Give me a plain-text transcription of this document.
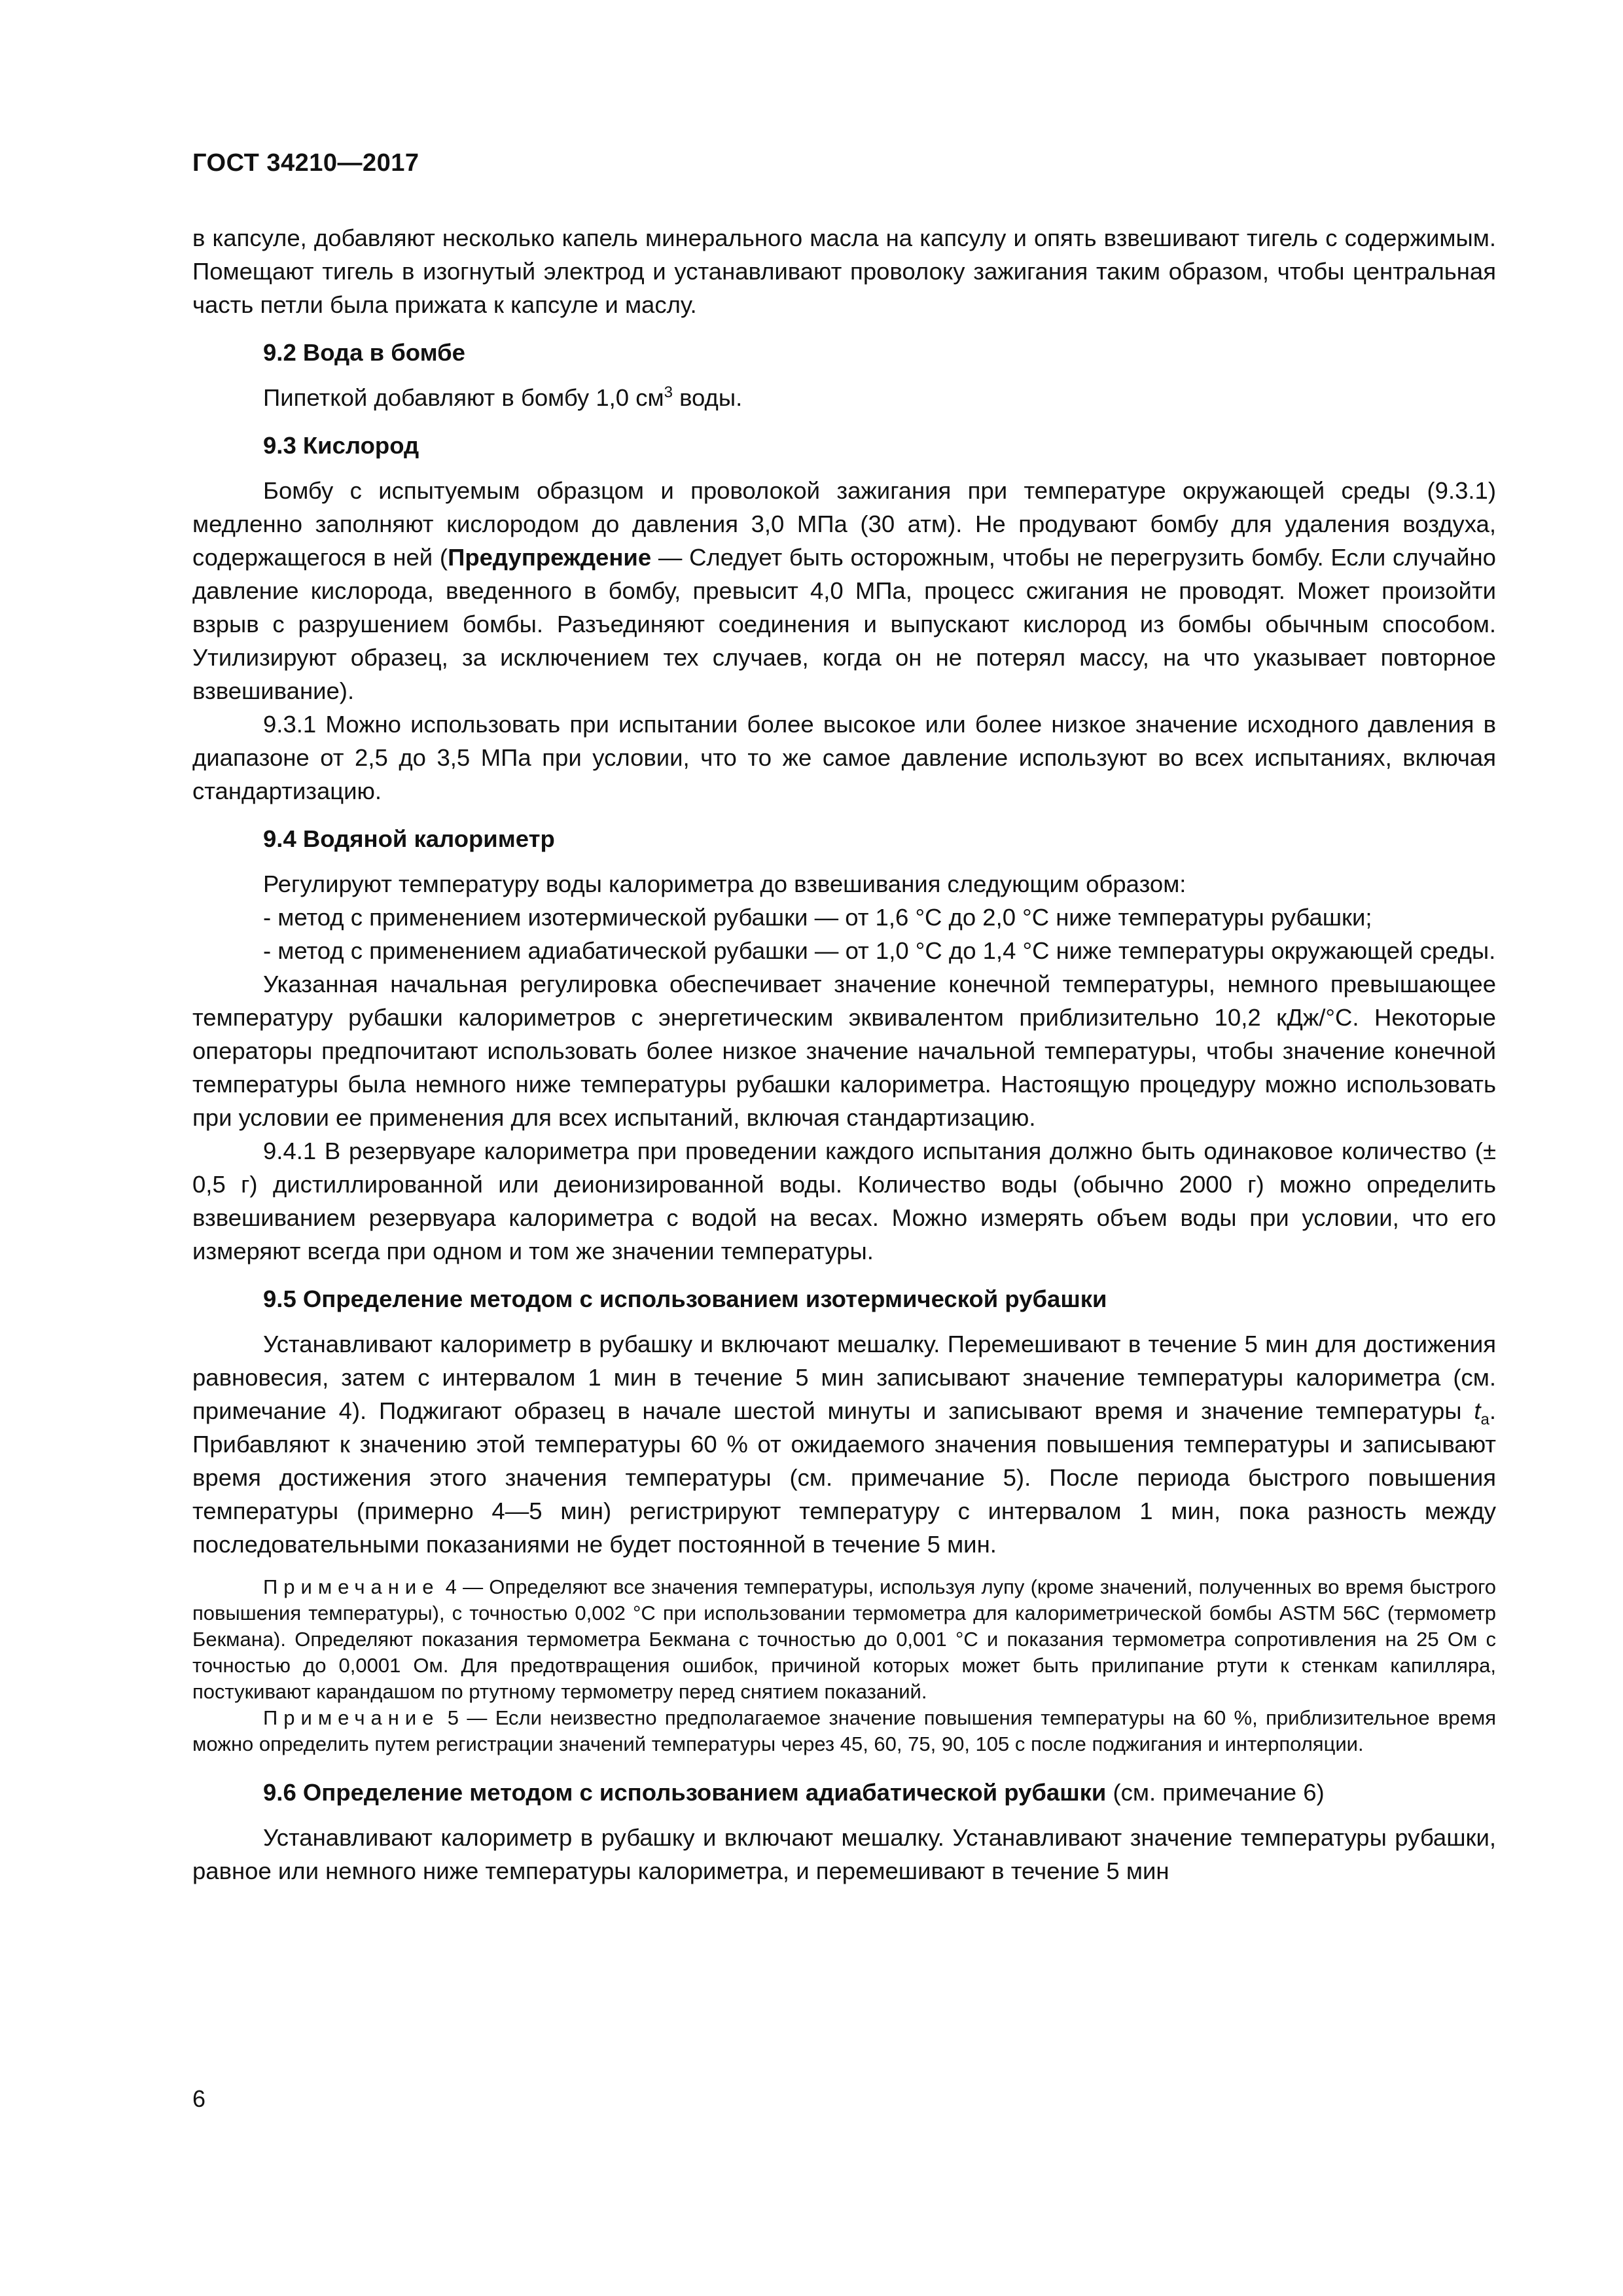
ГОСТ 34210—2017

в капсуле, добавляют несколько капель минерального масла на капсулу и опять взвешивают тигель с содержимым. Помещают тигель в изогнутый электрод и устанавливают проволоку зажигания таким образом, чтобы центральная часть петли была прижата к капсуле и маслу.

9.2 Вода в бомбе

Пипеткой добавляют в бомбу 1,0 $см^3$ воды.

9.3 Кислород

Бомбу с испытуемым образцом и проволокой зажигания при температуре окружающей среды (9.3.1) медленно заполняют кислородом до давления 3,0 МПа (30 атм). Не продувают бомбу для удаления воздуха, содержащегося в ней (Предупреждение — Следует быть осторожным, чтобы не перегрузить бомбу. Если случайно давление кислорода, введенного в бомбу, превысит 4,0 МПа, процесс сжигания не проводят. Может произойти взрыв с разрушением бомбы. Разъединяют соединения и выпускают кислород из бомбы обычным способом. Утилизируют образец, за исключением тех случаев, когда он не потерял массу, на что указывает повторное взвешивание).

9.3.1 Можно использовать при испытании более высокое или более низкое значение исходного давления в диапазоне от 2,5 до 3,5 МПа при условии, что то же самое давление используют во всех испытаниях, включая стандартизацию.

9.4 Водяной калориметр

Регулируют температуру воды калориметра до взвешивания следующим образом:

- метод с применением изотермической рубашки — от 1,6 °С до 2,0 °С ниже температуры рубашки;

- метод с применением адиабатической рубашки — от 1,0 °С до 1,4 °С ниже температуры окружающей среды.

Указанная начальная регулировка обеспечивает значение конечной температуры, немного превышающее температуру рубашки калориметров с энергетическим эквивалентом приблизительно 10,2 кДж/°С. Некоторые операторы предпочитают использовать более низкое значение начальной температуры, чтобы значение конечной температуры была немного ниже температуры рубашки калориметра. Настоящую процедуру можно использовать при условии ее применения для всех испытаний, включая стандартизацию.

9.4.1 В резервуаре калориметра при проведении каждого испытания должно быть одинаковое количество (± 0,5 г) дистиллированной или деионизированной воды. Количество воды (обычно 2000 г) можно определить взвешиванием резервуара калориметра с водой на весах. Можно измерять объем воды при условии, что его измеряют всегда при одном и том же значении температуры.

9.5 Определение методом с использованием изотермической рубашки

Устанавливают калориметр в рубашку и включают мешалку. Перемешивают в течение 5 мин для достижения равновесия, затем с интервалом 1 мин в течение 5 мин записывают значение температуры калориметра (см. примечание 4). Поджигают образец в начале шестой минуты и записывают время и значение температуры $t_a$. Прибавляют к значению этой температуры 60 % от ожидаемого значения повышения температуры и записывают время достижения этого значения температуры (см. примечание 5). После периода быстрого повышения температуры (примерно 4—5 мин) регистрируют температуру с интервалом 1 мин, пока разность между последовательными показаниями не будет постоянной в течение 5 мин.

Примечание 4 — Определяют все значения температуры, используя лупу (кроме значений, полученных во время быстрого повышения температуры), с точностью 0,002 °С при использовании термометра для калориметрической бомбы ASTM 56С (термометр Бекмана). Определяют показания термометра Бекмана с точностью до 0,001 °С и показания термометра сопротивления на 25 Ом с точностью до 0,0001 Ом. Для предотвращения ошибок, причиной которых может быть прилипание ртути к стенкам капилляра, постукивают карандашом по ртутному термометру перед снятием показаний.

Примечание 5 — Если неизвестно предполагаемое значение повышения температуры на 60 %, приблизительное время можно определить путем регистрации значений температуры через 45, 60, 75, 90, 105 с после поджигания и интерполяции.

9.6 Определение методом с использованием адиабатической рубашки (см. примечание 6)

Устанавливают калориметр в рубашку и включают мешалку. Устанавливают значение температуры рубашки, равное или немного ниже температуры калориметра, и перемешивают в течение 5 мин

6
